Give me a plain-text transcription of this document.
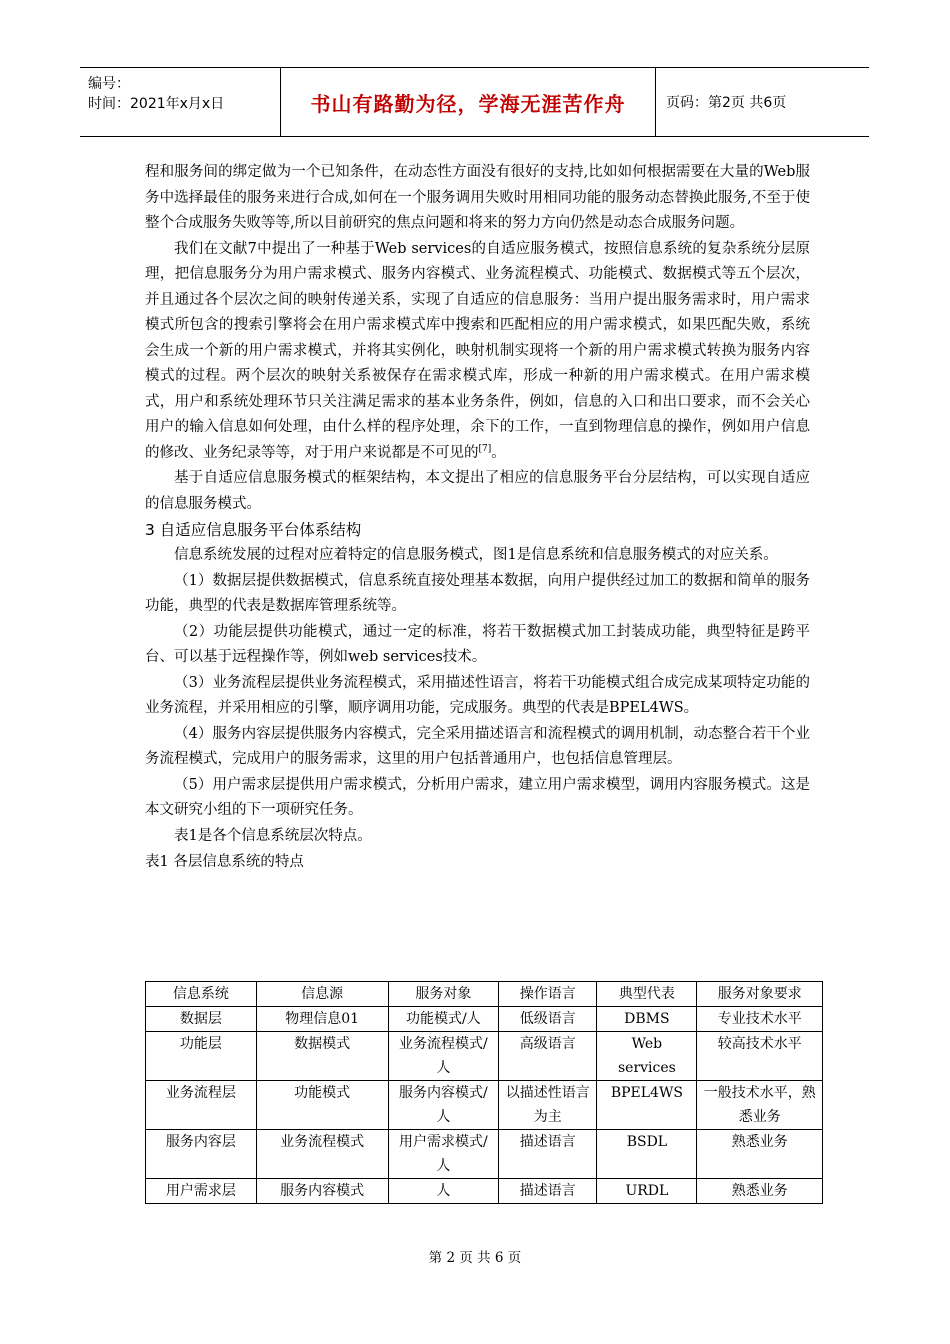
编号：
时间：2021年x月x日	书山有路勤为径，学海无涯苦作舟	页码：第2页 共6页

程和服务间的绑定做为一个已知条件，在动态性方面没有很好的支持,比如如何根据需要在大量的Web服务中选择最佳的服务来进行合成,如何在一个服务调用失败时用相同功能的服务动态替换此服务,不至于使整个合成服务失败等等,所以目前研究的焦点问题和将来的努力方向仍然是动态合成服务问题。

我们在文献7中提出了一种基于Web services的自适应服务模式，按照信息系统的复杂系统分层原理，把信息服务分为用户需求模式、服务内容模式、业务流程模式、功能模式、数据模式等五个层次，并且通过各个层次之间的映射传递关系，实现了自适应的信息服务：当用户提出服务需求时，用户需求模式所包含的搜索引擎将会在用户需求模式库中搜索和匹配相应的用户需求模式，如果匹配失败，系统会生成一个新的用户需求模式，并将其实例化，映射机制实现将一个新的用户需求模式转换为服务内容模式的过程。两个层次的映射关系被保存在需求模式库，形成一种新的用户需求模式。在用户需求模式，用户和系统处理环节只关注满足需求的基本业务条件，例如，信息的入口和出口要求，而不会关心用户的输入信息如何处理，由什么样的程序处理，余下的工作，一直到物理信息的操作，例如用户信息的修改、业务纪录等等，对于用户来说都是不可见的[7]。

基于自适应信息服务模式的框架结构，本文提出了相应的信息服务平台分层结构，可以实现自适应的信息服务模式。

3 自适应信息服务平台体系结构

信息系统发展的过程对应着特定的信息服务模式，图1是信息系统和信息服务模式的对应关系。

（1）数据层提供数据模式，信息系统直接处理基本数据，向用户提供经过加工的数据和简单的服务功能，典型的代表是数据库管理系统等。

（2）功能层提供功能模式，通过一定的标准，将若干数据模式加工封装成功能，典型特征是跨平台、可以基于远程操作等，例如web services技术。

（3）业务流程层提供业务流程模式，采用描述性语言，将若干功能模式组合成完成某项特定功能的业务流程，并采用相应的引擎，顺序调用功能，完成服务。典型的代表是BPEL4WS。

（4）服务内容层提供服务内容模式，完全采用描述语言和流程模式的调用机制，动态整合若干个业务流程模式，完成用户的服务需求，这里的用户包括普通用户，也包括信息管理层。

（5）用户需求层提供用户需求模式，分析用户需求，建立用户需求模型，调用内容服务模式。这是本文研究小组的下一项研究任务。

表1是各个信息系统层次特点。

表1 各层信息系统的特点
信息系统	信息源	服务对象	操作语言	典型代表	服务对象要求
数据层	物理信息01	功能模式/人	低级语言	DBMS	专业技术水平
功能层	数据模式	业务流程模式/人	高级语言	Web services	较高技术水平
业务流程层	功能模式	服务内容模式/人	以描述性语言为主	BPEL4WS	一般技术水平，熟悉业务
服务内容层	业务流程模式	用户需求模式/人	描述语言	BSDL	熟悉业务
用户需求层	服务内容模式	人	描述语言	URDL	熟悉业务
第 2 页 共 6 页
